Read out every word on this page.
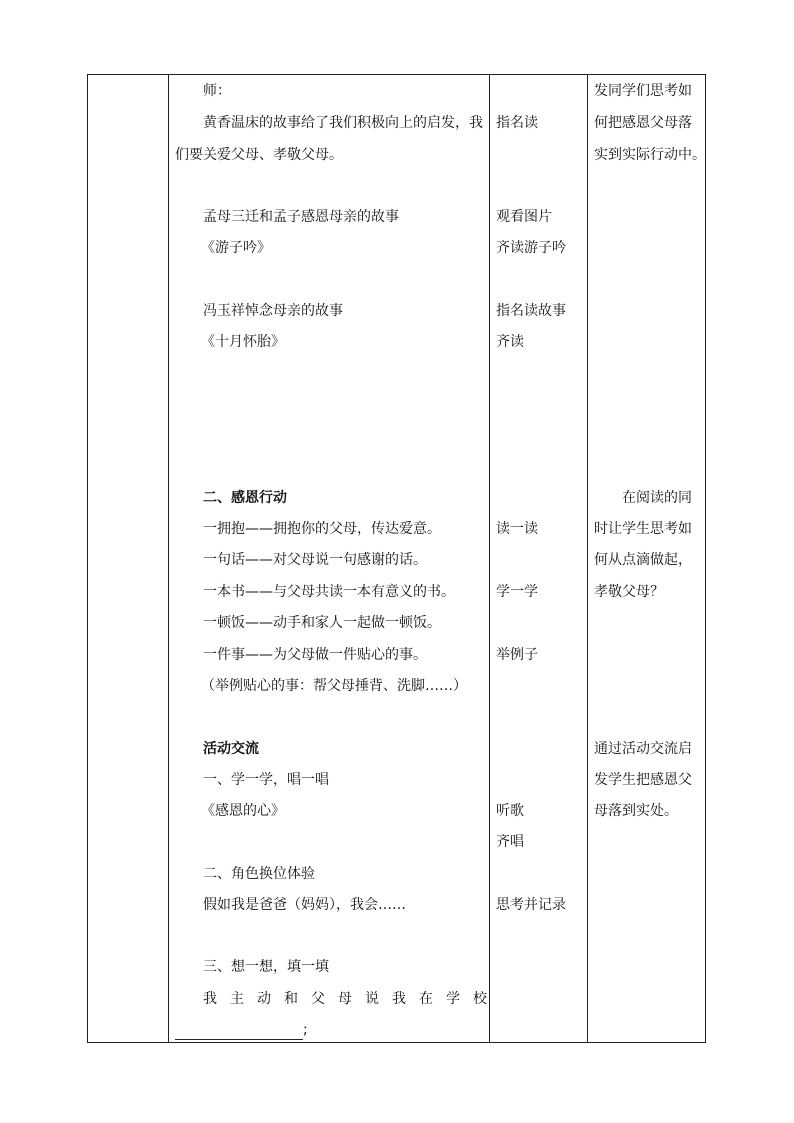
师：
黄香温床的故事给了我们积极向上的启发，我
们要关爱父母、孝敬父母。
孟母三迁和孟子感恩母亲的故事
《游子吟》
冯玉祥悼念母亲的故事
《十月怀胎》
二、感恩行动
一拥抱——拥抱你的父母，传达爱意。
一句话——对父母说一句感谢的话。
一本书——与父母共读一本有意义的书。
一顿饭——动手和家人一起做一顿饭。
一件事——为父母做一件贴心的事。
（举例贴心的事：帮父母捶背、洗脚……）
活动交流
一、学一学，唱一唱
《感恩的心》
二、角色换位体验
假如我是爸爸（妈妈），我会……
三、想一想，填一填
我 主 动 和 父 母 说 我 在 学 校
;
指名读
观看图片
齐读游子吟
指名读故事
齐读
读一读
学一学
举例子
听歌
齐唱
思考并记录
发同学们思考如
何把感恩父母落
实到实际行动中。
在阅读的同
时让学生思考如
何从点滴做起，
孝敬父母？
通过活动交流启
发学生把感恩父
母落到实处。
